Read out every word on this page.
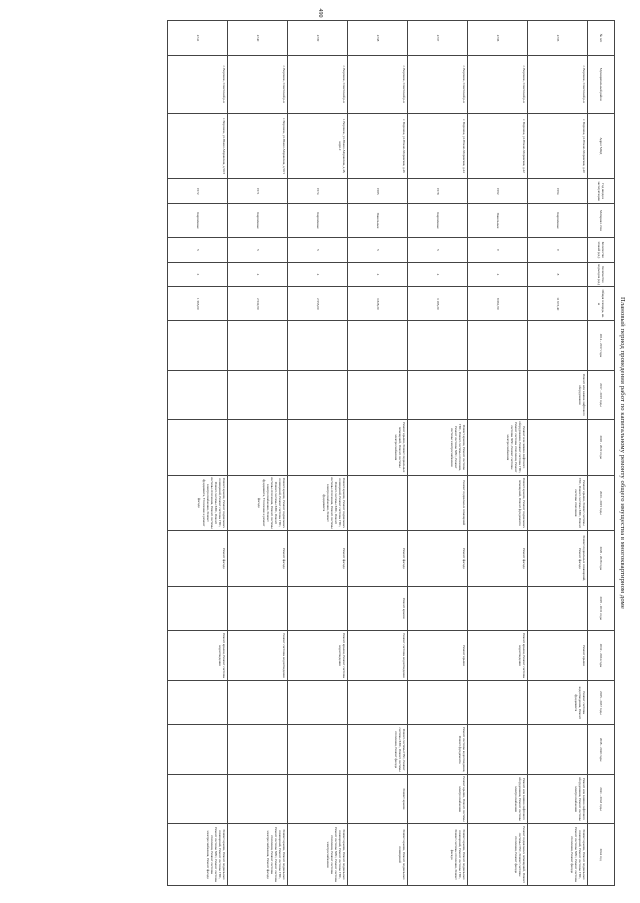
490
Плановый период проведения работ по капитальному ремонту общего имущества в многоквартирном доме
№ п/п	Муниципальный район	Адрес МКД	Год ввода в эксплуатацию	Материал стен	Количество этажей (ед.)	Количество подъездов (ед.)	Общая площадь, кв. м	2014 - 2017 годы	2017 - 2019 годы	2020 - 2022 годы	2023 - 2025 годы	2026 - 2028 годы	2029 - 2031 годы	2032 - 2034 годы	2035 - 2037 годы	2038 - 2040 годы	2041 - 2043 годы	2044 год
4735	г. Воронеж, Советский р-н	г. Воронеж, ул.Южно-Моравская, д.40	1994	Кирпичные	9	8	11 673,40		Ремонт или замена лифтового оборудования		Ремонт крыши, Ремонт системы ГВС, Ремонт системы ХВС, Ремонт системы отопления	Ремонт подвальных помещений, Ремонт фасада		Ремонт крыши	Ремонт системы водоотведения, Ремонт фундамента		Ремонт или замена лифтового оборудования, Ремонт системы электроснабжения	Ремонт крыши, Ремонт подвальных помещений, Ремонт системы ГВС, Ремонт системы ХВС, Ремонт системы отопления, Ремонт фасада
4736	г. Воронеж, Советский р-н	г. Воронеж, ул.Южно-Моравская, д.42	1992	Панельные	9	4	8 661,90			Ремонт или замена лифтового оборудования, Ремонт системы ГВС, Ремонт системы отопления, Ремонт системы ХВС, Ремонт системы электроснабжения	Ремонт крыши, Ремонт подвальных помещений, Ремонт фундамента	Ремонт фасада		Ремонт крыши, Ремонт системы водоотведения			Ремонт или замена лифтового оборудования, Ремонт системы электроснабжения	Ремонт подвальных помещений, Ремонт системы ГВС, Ремонт системы отопления, Ремонт фасада
4737	г. Воронеж, Советский р-н	г. Воронеж, ул.Южно-Моравская, д.44	1978	Кирпичные	5	4	3 185,20			Ремонт крыши, Ремонт системы ГВС, Ремонт системы отопления, Ремонт системы ХВС, Ремонт системы электроснабжения	Ремонт подвальных помещений	Ремонт фасада		Ремонт крыши		Ремонт системы водоотведения, Ремонт фундамента	Ремонт крыши, Ремонт системы электроснабжения	Ремонт крыши, Ремонт подвальных помещений, Ремонт системы ГВС, Ремонт системы отопления, Ремонт фасада
4738	г. Воронеж, Советский р-н	г. Воронеж, ул.Южно-Моравская, д.46	1985	Панельные	5	4	3 828,20			Ремонт крыши, Ремонт подвальных помещений, Ремонт системы электроснабжения		Ремонт фасада	Ремонт крыши	Ремонт системы водоотведения		Ремонт системы ГВС, Ремонт системы ХВС, Ремонт системы отопления, Ремонт фасада	Ремонт крыши	Ремонт крыши, Ремонт подвальных помещений
4739	г. Воронеж, Советский р-н	г. Воронеж, ул.Южно-Моравская, д.48, корп.2	1974	Кирпичные	5	4	2 955,00				Ремонт крыши, Ремонт подвальных помещений, Ремонт системы ГВС, Ремонт системы ХВС, Ремонт системы отопления, Ремонт системы электроснабжения, Ремонт фундамента	Ремонт фасада		Ремонт крыши, Ремонт системы водоотведения				Ремонт крыши, Ремонт подвальных помещений, Ремонт системы ГВС, Ремонт системы ХВС, Ремонт системы отопления, Ремонт системы электроснабжения
4740	г. Воронеж, Советский р-н	г. Воронеж, ул.Южно-Моравская, д.50/1	1971	Кирпичные	5	4	2 932,90				Ремонт крыши, Ремонт подвальных помещений, Ремонт системы ГВС, Ремонт системы ХВС, Ремонт системы отопления, Ремонт системы электроснабжения, Ремонт фундамента, Утепление и ремонт фасада	Ремонт фасада		Ремонт системы водоотведения				Ремонт крыши, Ремонт подвальных помещений, Ремонт системы ГВС, Ремонт системы ХВС, Ремонт системы отопления, Ремонт системы электроснабжения, Ремонт фасада
4741	г. Воронеж, Советский р-н	г. Воронеж, ул.Южно-Моравская, д.50/3	1972	Кирпичные	5	2	1 565,00				Ремонт крыши, Ремонт подвальных помещений, Ремонт системы ГВС, Ремонт системы ХВС, Ремонт системы отопления, Ремонт системы электроснабжения, Ремонт фундамента, Утепление и ремонт фасада	Ремонт фасада		Ремонт крыши, Ремонт системы водоотведения				Ремонт крыши, Ремонт подвальных помещений, Ремонт системы ГВС, Ремонт системы ХВС, Ремонт системы отопления, Ремонт системы электроснабжения, Ремонт фасада
